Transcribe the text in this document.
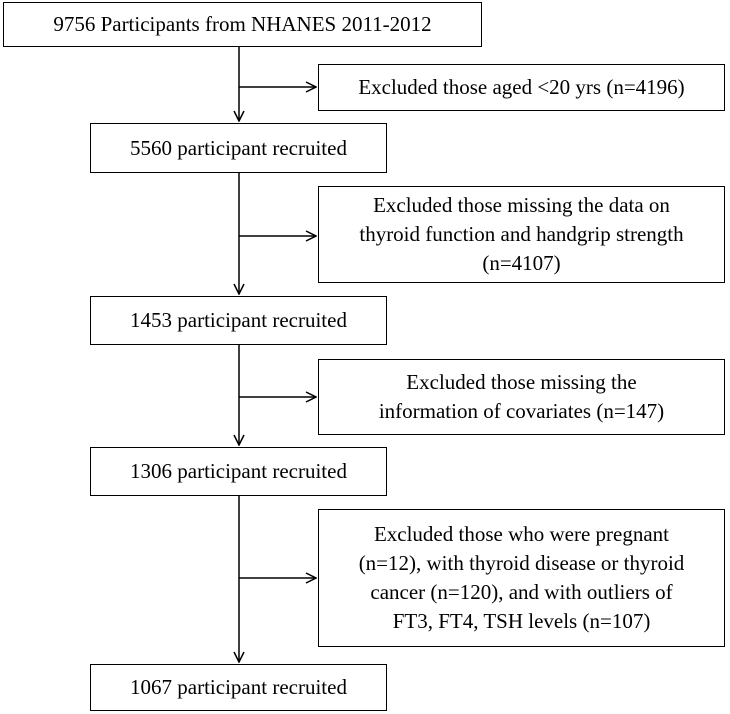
9756 Participants from NHANES 2011-2012
5560 participant recruited
1453 participant recruited
1306 participant recruited
1067 participant recruited
Excluded those aged <20 yrs (n=4196)
Excluded those missing the data on
thyroid function and handgrip strength
(n=4107)
Excluded those missing the
information of covariates (n=147)
Excluded those who were pregnant
(n=12), with thyroid disease or thyroid
cancer (n=120), and with outliers of
FT3, FT4, TSH levels (n=107)
